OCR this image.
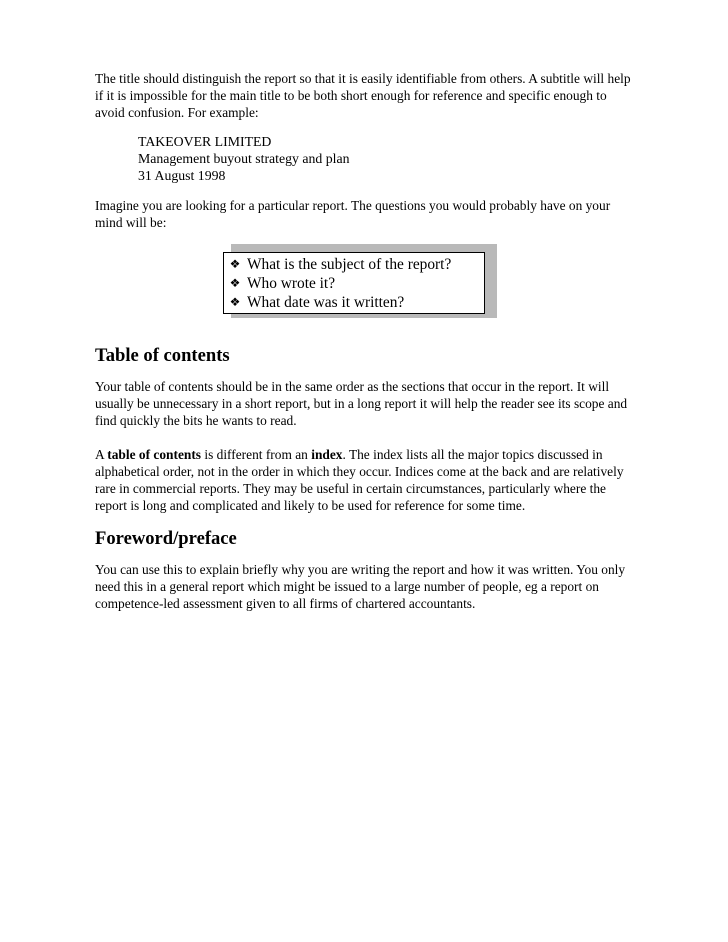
The title should distinguish the report so that it is easily identifiable from others. A subtitle will help if it is impossible for the main title to be both short enough for reference and specific enough to avoid confusion. For example:

TAKEOVER LIMITED
Management buyout strategy and plan
31 August 1998

Imagine you are looking for a particular report. The questions you would probably have on your mind will be:

❖ What is the subject of the report?
❖ Who wrote it?
❖ What date was it written?
Table of contents

Your table of contents should be in the same order as the sections that occur in the report. It will usually be unnecessary in a short report, but in a long report it will help the reader see its scope and find quickly the bits he wants to read.

A table of contents is different from an index. The index lists all the major topics discussed in alphabetical order, not in the order in which they occur. Indices come at the back and are relatively rare in commercial reports. They may be useful in certain circumstances, particularly where the report is long and complicated and likely to be used for reference for some time.

Foreword/preface

You can use this to explain briefly why you are writing the report and how it was written. You only need this in a general report which might be issued to a large number of people, eg a report on competence-led assessment given to all firms of chartered accountants.
